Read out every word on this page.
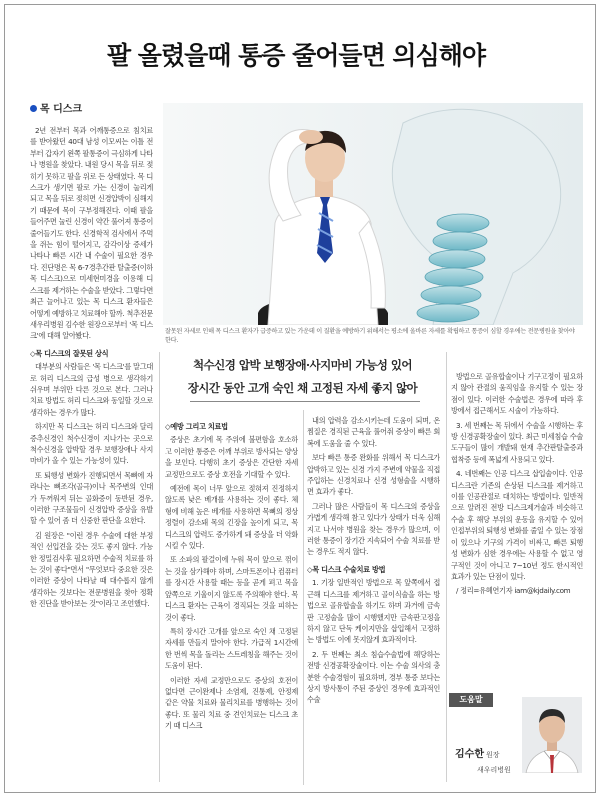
팔 올렸을때 통증 줄어들면 의심해야
목 디스크

2년 전부터 목과 어깨통증으로 침치료를 받아왔던 40대 남성 이모씨는 이틀 전부터 갑자기 왼쪽 팔통증이 극심하게 나타나 병원을 찾았다. 내원 당시 목을 뒤로 젖히기 못하고 팔을 위로 든 상태였다. 목 디스크가 생기면 팔로 가는 신경이 눌리게 되고 목을 뒤로 젖히면 신경압박이 심해지기 때문에 목이 구부정해진다. 이때 팔을 들어주면 눌린 신경이 약간 풀어져 통증이 줄어들기도 한다. 신경학적 검사에서 주먹을 쥐는 힘이 떨어지고, 감각이상 증세가 나타나 빠른 시간 내 수술이 필요한 경우다. 진단명은 목 6-7경추간판 탈출증(이하 목 디스크)으로 미세현미경을 이용해 디스크를 제거하는 수술을 받았다. 그렇다면 최근 늘어나고 있는 목 디스크 환자들은 어떻게 예방하고 치료해야 할까. 척추전문 새우리병원 김수한 원장으로부터 '목 디스크'에 대해 알아봤다.

◇목 디스크의 잘못된 상식

대부분의 사람들은 '목 디스크'를 말그대로 허리 디스크의 급성 병으로 생각하기 쉬우며 부위만 다른 것으로 본다. 그러나 치료 방법도 허리 디스크와 동일할 것으로 생각하는 경우가 많다.

하지만 목 디스크는 허리 디스크와 달리 증추신경인 척수신경이 지나가는 곳으로 척수신경을 압박할 경우 보행장애나 사지마비가 올 수 있는 가능성이 있다.

또 퇴행성 변화가 진행되면서 목뼈에 자라나는 뼈조각(골극)이나 목주변의 인대가 두꺼워져 뒤는 골화증이 동반된 경우, 이러한 구조물들이 신경압박 증상을 유발 할 수 있어 좀 더 신중한 판단을 요한다.

김 원장은 "이런 경우 수술에 대한 부정적인 선입견을 갖는 것도 좋지 않다. 가능한 정밀검사후 필요하면 수술적 치료를 하는 것이 좋다"면서 "무엇보다 중요한 것은 이러한 증상이 나타날 때 대수롭지 않게 생각하는 것보다는 전문병원을 찾아 정확한 진단을 받아보는 것"이라고 조언했다.

잘못된 자세로 인해 목 디스크 환자가 급증하고 있는 가운데 이 질환을 예방하기 위해서는 평소에 올바른 자세를 확립하고 통증이 심할 경우에는 전문병원을 찾아야 한다.
척수신경 압박 보행장애·사지마비 가능성 있어
장시간 동안 고개 숙인 채 고정된 자세 좋지 않아
◇예방 그리고 치료법

증상은 초기에 목 주위에 불편함을 호소하고 이러한 통증은 어깨 부위로 방사되는 양상을 보인다. 다행히 초기 증상은 간단한 자세 교정만으로도 증상 호전을 기대할 수 있다.

예전에 목이 너무 앞으로 젖혀져 진정하지 않도록 낮은 베개를 사용하는 것이 좋다. 체형에 비해 높은 베개를 사용하면 목뼈의 정상 정렬이 감소돼 목의 긴장을 높이게 되고, 목 디스크의 압력도 증가하게 돼 증상을 더 악화시킬 수 있다.

또 소파의 팔걸이에 누워 목이 앞으로 꺾이는 것을 삼가해야 하며, 스마트폰이나 컴퓨터를 장시간 사용할 때는 등을 곧게 펴고 목을 앞쪽으로 기울이지 않도록 주의해야 한다. 목 디스크 환자는 근육이 경직되는 것을 피하는 것이 좋다.

특히 장시간 고개를 앞으로 숙인 채 고정된 자세를 만들지 말아야 한다. 가급적 1시간에 한 번씩 목을 돌리는 스트레칭을 해주는 것이 도움이 된다.

이러한 자세 교정만으로도 증상의 호전이 없다면 근이완제나 소염제, 진통제, 안정제 같은 약물 치료와 물리치료를 병행하는 것이 좋다. 또 물리 치료 중 견인치료는 디스크 초기 때 디스크

내의 압력을 감소시키는데 도움이 되며, 온 찜질은 경직된 근육을 풀어줘 증상이 빠른 회복에 도움을 줄 수 있다.

보다 빠른 통증 완화를 위해서 목 디스크가 압박하고 있는 신경 가지 주변에 약물을 직접 주입하는 신경치료나 신경 성형술을 시행하면 효과가 좋다.

그러나 많은 사람들이 목 디스크의 증상을 가볍게 생각해 참고 있다가 상태가 더욱 심해지고 나서야 병원을 찾는 경우가 많으며, 이러한 통증이 장기간 지속되어 수술 치료를 받는 경우도 적지 않다.

◇목 디스크 수술치료 방법

1. 기장 일반적인 방법으로 목 앞쪽에서 접근해 디스크를 제거하고 골이식술을 하는 방법으로 골유합술을 하기도 하며 과거에 금속판 고정술을 많이 시행했지만 금속판고정을 하지 않고 단독 케이지만을 삽입해서 고정하는 방법도 이에 못지않게 효과적이다.

2. 두 번째는 최소 침습수술법에 해당하는 전방 신경공확장술이다. 이는 수술 의사의 충분한 수술경험이 필요하며, 경부 통증 보다는 상지 방사통이 주된 증상인 경우에 효과적인 수술

방법으로 골유합술이나 기구고정이 필요하지 않아 관절의 움직임을 유지할 수 있는 장점이 있다. 이러한 수술법은 경우에 따라 후방에서 접근해서도 시술이 가능하다.

3. 세 번째는 목 뒤에서 수술을 시행하는 후방 신경공확장술이 있다. 최근 미세침습 수술도구들이 많이 개발돼 현재 추간판탈출증과 협착증 등에 폭넓게 사용되고 있다.

4. 네번째는 인공 디스크 삽입술이다. 인공 디스크란 기존의 손상된 디스크를 제거하고 이를 인공관절로 대치하는 방법이다. 일반적으로 알려진 전방 디스크제거술과 비슷하고 수술 후 해당 부위의 운동을 유지할 수 있어 인접부위의 퇴행성 변화를 줄일 수 있는 장점이 있으나 기구의 가격이 비싸고, 빠른 퇴행성 변화가 심한 경우에는 사용할 수 없고 영구적인 것이 아니고 7~10년 정도 한시적인 효과가 있는 단점이 있다.

/ 정리=유혜연기자 iam@kjdaily.com

도움말
김수한 원장
새우리병원
